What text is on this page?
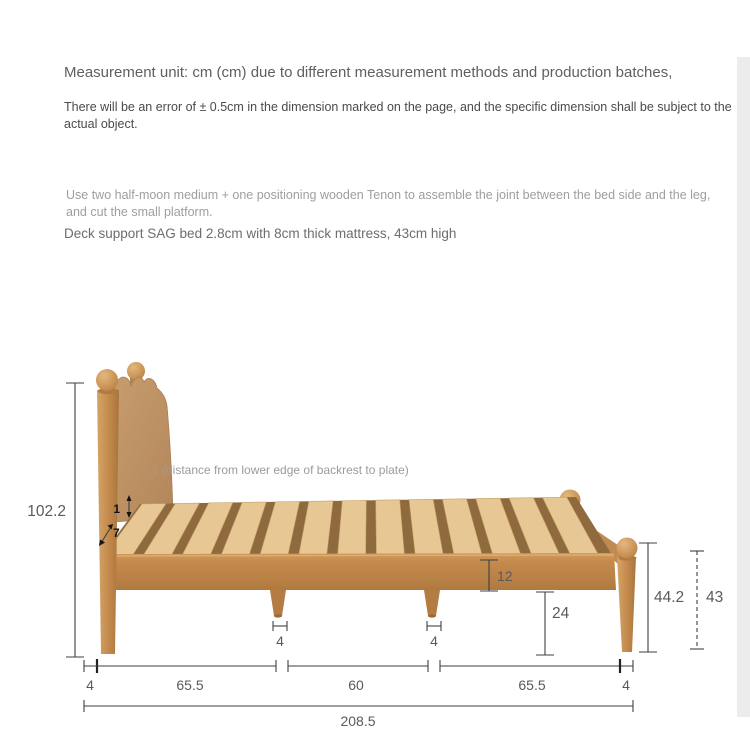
Measurement unit: cm (cm) due to different measurement methods and production batches,
There will be an error of ± 0.5cm in the dimension marked on the page, and the specific dimension shall be subject to the actual object.
Use two half-moon medium + one positioning wooden Tenon to assemble the joint between the bed side and the leg, and cut the small platform.
Deck support SAG bed 2.8cm with 8cm thick mattress, 43cm high
102.2
1 (distance from lower edge of backrest to plate)
1
7
12
24
44.2 43
4	4
4	65.5	60	65.5	4
208.5
